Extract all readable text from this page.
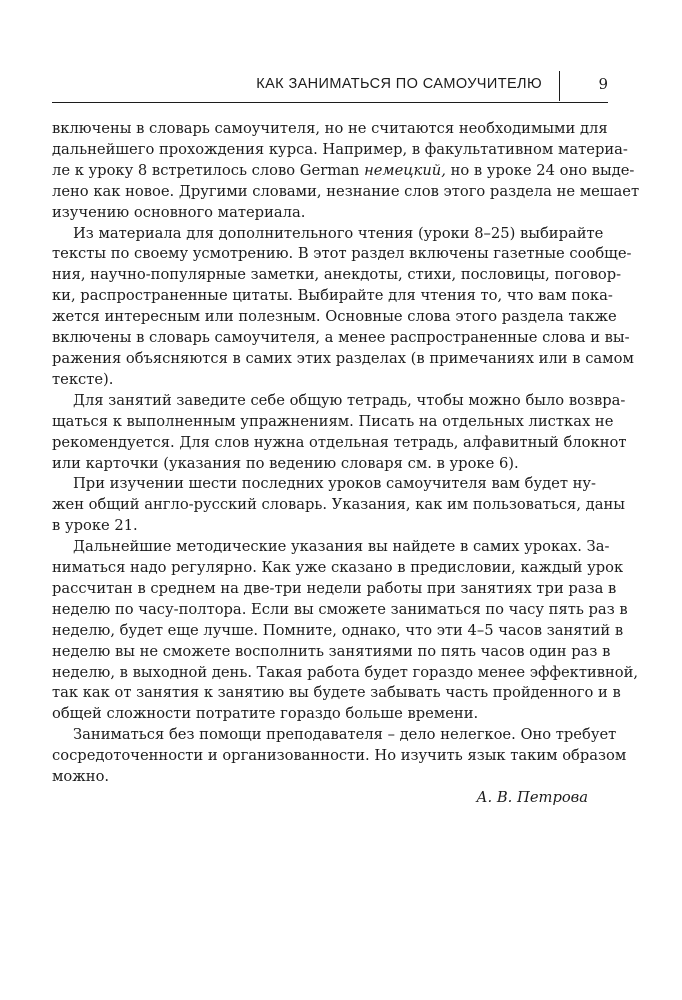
КАК ЗАНИМАТЬСЯ ПО САМОУЧИТЕЛЮ	9
включены в словарь самоучителя, но не считаются необходимыми для
дальнейшего прохождения курса. Например, в факультативном материа-
ле к уроку 8 встретилось слово German немецкий, но в уроке 24 оно выде-
лено как новое. Другими словами, незнание слов этого раздела не мешает
изучению основного материала.
Из материала для дополнительного чтения (уроки 8–25) выбирайте
тексты по своему усмотрению. В этот раздел включены газетные сообще-
ния, научно-популярные заметки, анекдоты, стихи, пословицы, поговор-
ки, распространенные цитаты. Выбирайте для чтения то, что вам пока-
жется интересным или полезным. Основные слова этого раздела также
включены в словарь самоучителя, а менее распространенные слова и вы-
ражения объясняются в самих этих разделах (в примечаниях или в самом
тексте).
Для занятий заведите себе общую тетрадь, чтобы можно было возвра-
щаться к выполненным упражнениям. Писать на отдельных листках не
рекомендуется. Для слов нужна отдельная тетрадь, алфавитный блокнот
или карточки (указания по ведению словаря см. в уроке 6).
При изучении шести последних уроков самоучителя вам будет ну-
жен общий англо-русский словарь. Указания, как им пользоваться, даны
в уроке 21.
Дальнейшие методические указания вы найдете в самих уроках. За-
ниматься надо регулярно. Как уже сказано в предисловии, каждый урок
рассчитан в среднем на две-три недели работы при занятиях три раза в
неделю по часу-полтора. Если вы сможете заниматься по часу пять раз в
неделю, будет еще лучше. Помните, однако, что эти 4–5 часов занятий в
неделю вы не сможете восполнить занятиями по пять часов один раз в
неделю, в выходной день. Такая работа будет гораздо менее эффективной,
так как от занятия к занятию вы будете забывать часть пройденного и в
общей сложности потратите гораздо больше времени.
Заниматься без помощи преподавателя – дело нелегкое. Оно требует
сосредоточенности и организованности. Но изучить язык таким образом
можно.
А. В. Петрова
